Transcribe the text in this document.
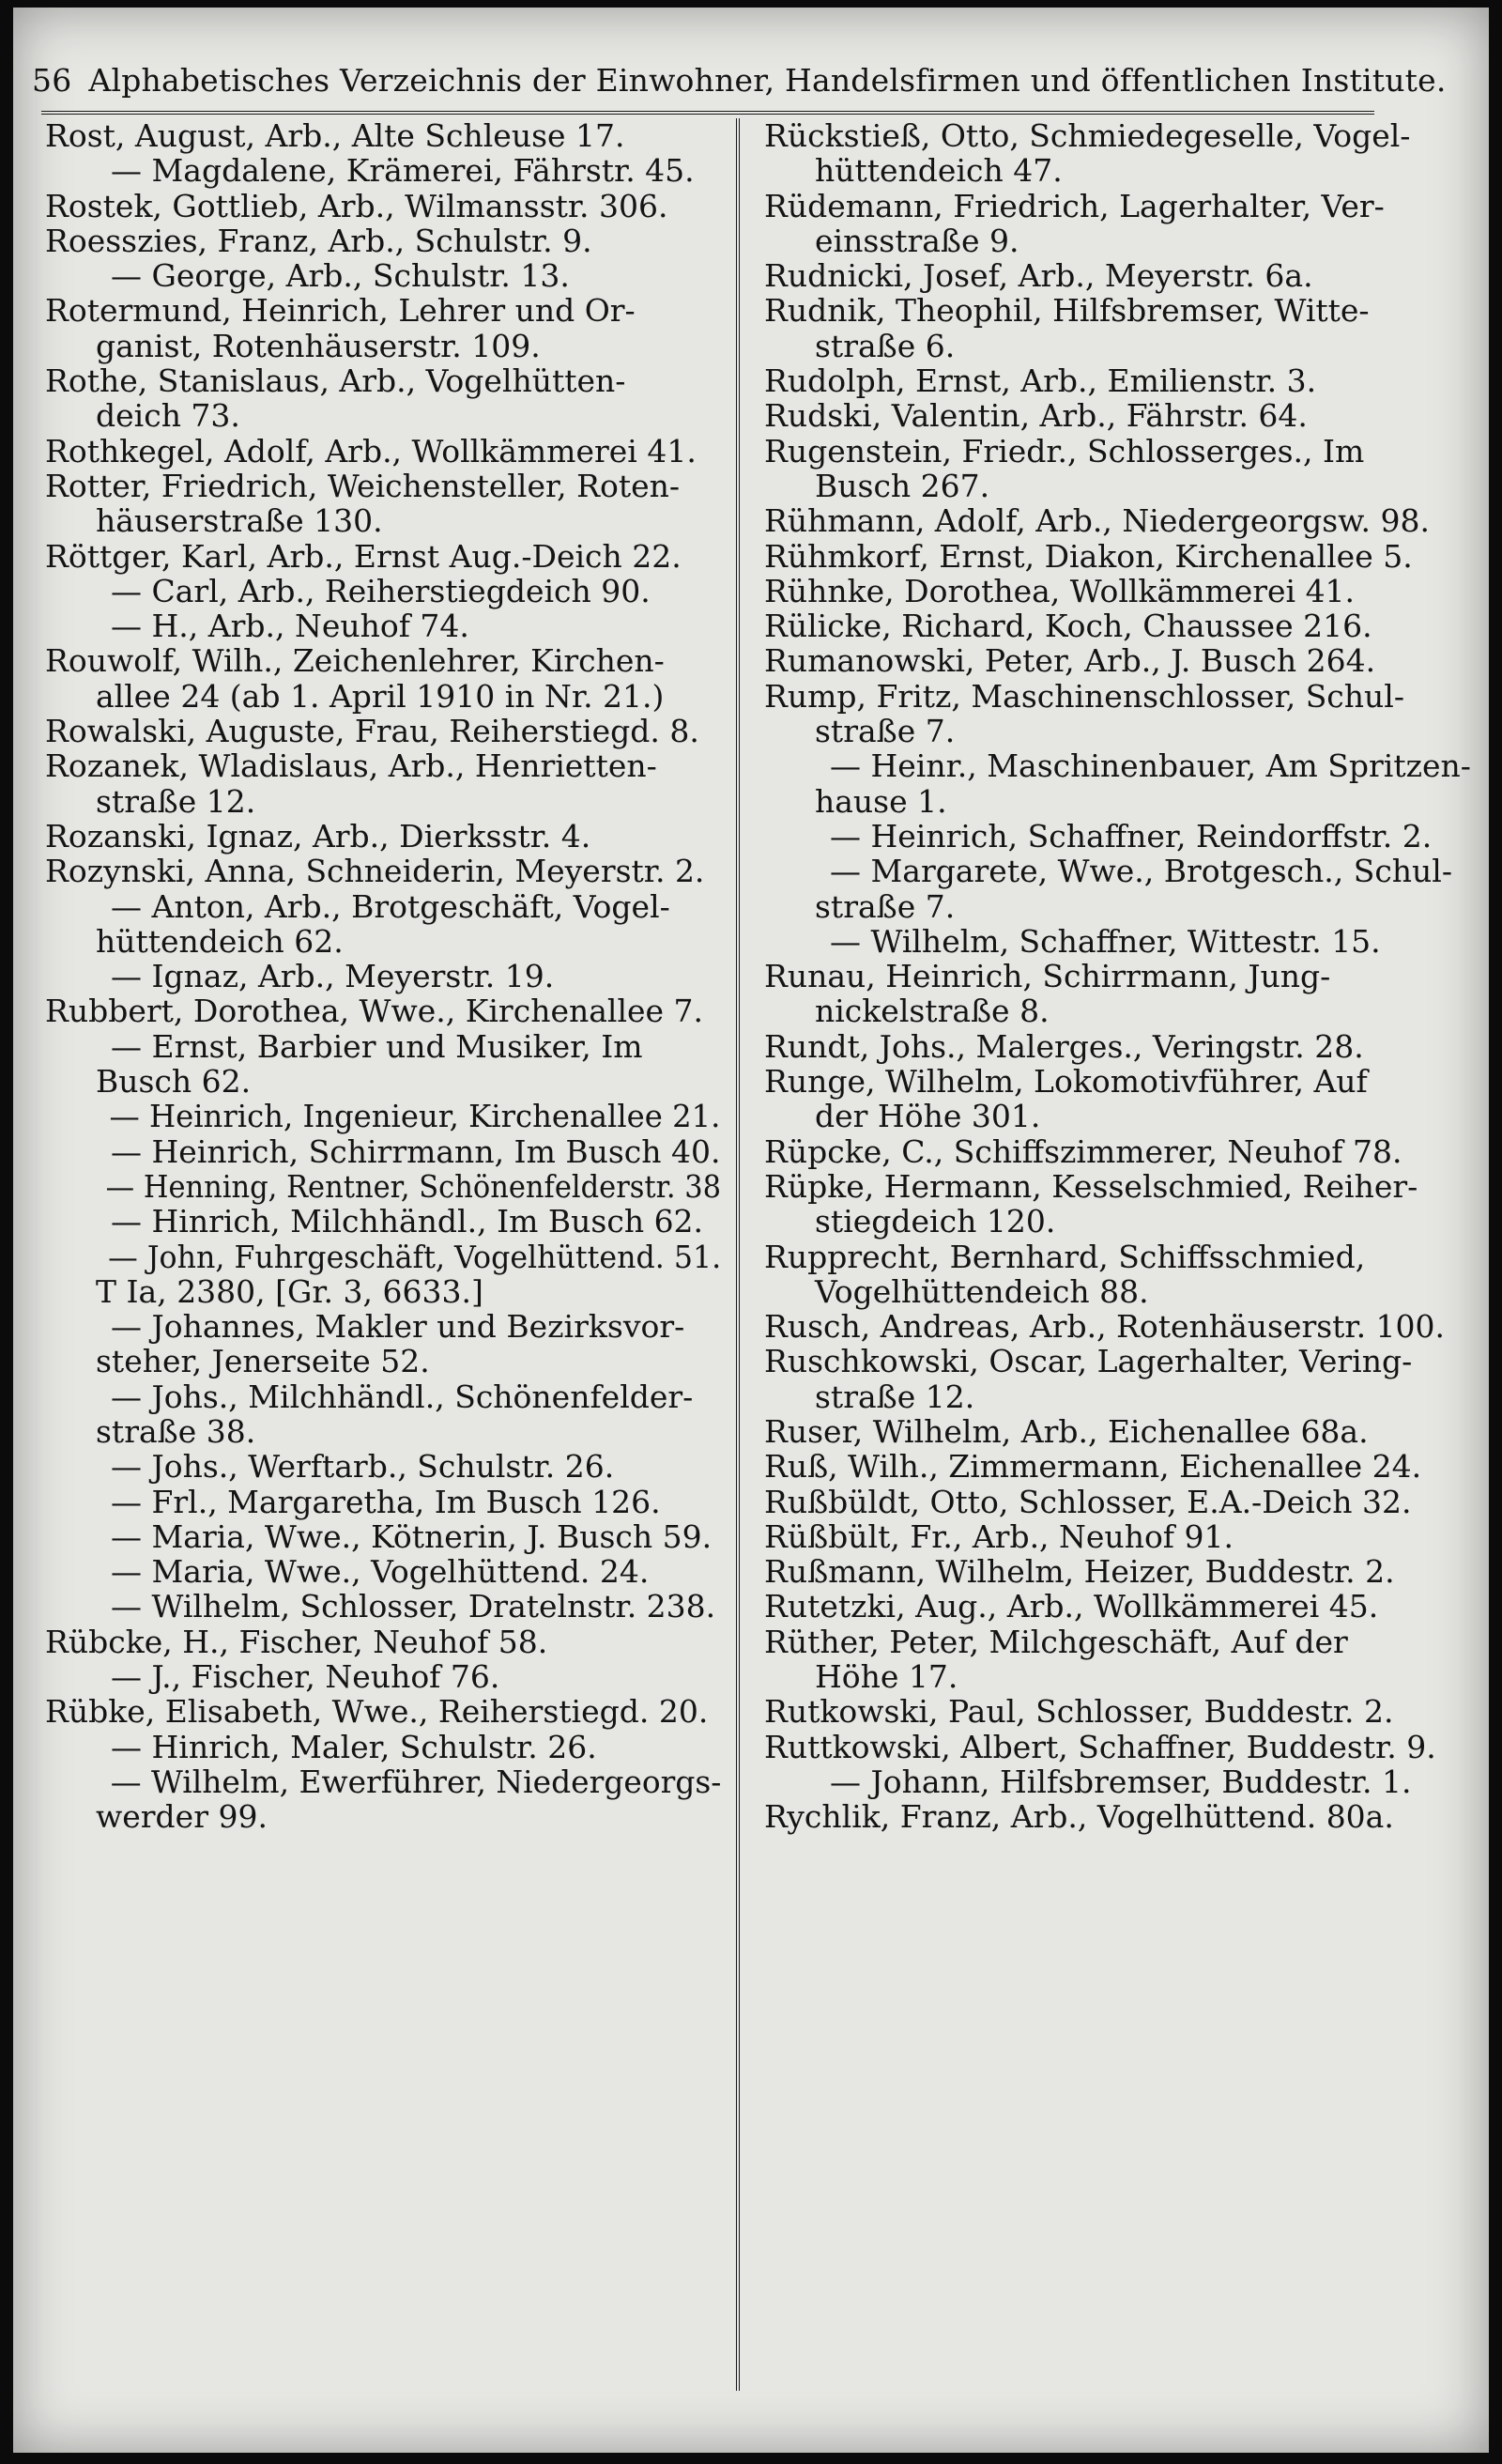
56 Alphabetisches Verzeichnis der Einwohner, Handelsfirmen und öffentlichen Institute.
Rost, August, Arb., Alte Schleuse 17.
— Magdalene, Krämerei, Fährstr. 45.
Rostek, Gottlieb, Arb., Wilmansstr. 306.
Roesszies, Franz, Arb., Schulstr. 9.
— George, Arb., Schulstr. 13.
Rotermund, Heinrich, Lehrer und Or-
ganist, Rotenhäuserstr. 109.
Rothe, Stanislaus, Arb., Vogelhütten-
deich 73.
Rothkegel, Adolf, Arb., Wollkämmerei 41.
Rotter, Friedrich, Weichensteller, Roten-
häuserstraße 130.
Röttger, Karl, Arb., Ernst Aug.-Deich 22.
— Carl, Arb., Reiherstiegdeich 90.
— H., Arb., Neuhof 74.
Rouwolf, Wilh., Zeichenlehrer, Kirchen-
allee 24 (ab 1. April 1910 in Nr. 21.)
Rowalski, Auguste, Frau, Reiherstiegd. 8.
Rozanek, Wladislaus, Arb., Henrietten-
straße 12.
Rozanski, Ignaz, Arb., Dierksstr. 4.
Rozynski, Anna, Schneiderin, Meyerstr. 2.
— Anton, Arb., Brotgeschäft, Vogel-
hüttendeich 62.
— Ignaz, Arb., Meyerstr. 19.
Rubbert, Dorothea, Wwe., Kirchenallee 7.
— Ernst, Barbier und Musiker, Im
Busch 62.
— Heinrich, Ingenieur, Kirchenallee 21.
— Heinrich, Schirrmann, Im Busch 40.
— Henning, Rentner, Schönenfelderstr. 38
— Hinrich, Milchhändl., Im Busch 62.
— John, Fuhrgeschäft, Vogelhüttend. 51.
T Ia, 2380, [Gr. 3, 6633.]
— Johannes, Makler und Bezirksvor-
steher, Jenerseite 52.
— Johs., Milchhändl., Schönenfelder-
straße 38.
— Johs., Werftarb., Schulstr. 26.
— Frl., Margaretha, Im Busch 126.
— Maria, Wwe., Kötnerin, J. Busch 59.
— Maria, Wwe., Vogelhüttend. 24.
— Wilhelm, Schlosser, Dratelnstr. 238.
Rübcke, H., Fischer, Neuhof 58.
— J., Fischer, Neuhof 76.
Rübke, Elisabeth, Wwe., Reiherstiegd. 20.
— Hinrich, Maler, Schulstr. 26.
— Wilhelm, Ewerführer, Niedergeorgs-
werder 99.
Rückstieß, Otto, Schmiedegeselle, Vogel-
hüttendeich 47.
Rüdemann, Friedrich, Lagerhalter, Ver-
einsstraße 9.
Rudnicki, Josef, Arb., Meyerstr. 6a.
Rudnik, Theophil, Hilfsbremser, Witte-
straße 6.
Rudolph, Ernst, Arb., Emilienstr. 3.
Rudski, Valentin, Arb., Fährstr. 64.
Rugenstein, Friedr., Schlosserges., Im
Busch 267.
Rühmann, Adolf, Arb., Niedergeorgsw. 98.
Rühmkorf, Ernst, Diakon, Kirchenallee 5.
Rühnke, Dorothea, Wollkämmerei 41.
Rülicke, Richard, Koch, Chaussee 216.
Rumanowski, Peter, Arb., J. Busch 264.
Rump, Fritz, Maschinenschlosser, Schul-
straße 7.
— Heinr., Maschinenbauer, Am Spritzen-
hause 1.
— Heinrich, Schaffner, Reindorffstr. 2.
— Margarete, Wwe., Brotgesch., Schul-
straße 7.
— Wilhelm, Schaffner, Wittestr. 15.
Runau, Heinrich, Schirrmann, Jung-
nickelstraße 8.
Rundt, Johs., Malerges., Veringstr. 28.
Runge, Wilhelm, Lokomotivführer, Auf
der Höhe 301.
Rüpcke, C., Schiffszimmerer, Neuhof 78.
Rüpke, Hermann, Kesselschmied, Reiher-
stiegdeich 120.
Rupprecht, Bernhard, Schiffsschmied,
Vogelhüttendeich 88.
Rusch, Andreas, Arb., Rotenhäuserstr. 100.
Ruschkowski, Oscar, Lagerhalter, Vering-
straße 12.
Ruser, Wilhelm, Arb., Eichenallee 68a.
Ruß, Wilh., Zimmermann, Eichenallee 24.
Rußbüldt, Otto, Schlosser, E.A.-Deich 32.
Rüßbült, Fr., Arb., Neuhof 91.
Rußmann, Wilhelm, Heizer, Buddestr. 2.
Rutetzki, Aug., Arb., Wollkämmerei 45.
Rüther, Peter, Milchgeschäft, Auf der
Höhe 17.
Rutkowski, Paul, Schlosser, Buddestr. 2.
Ruttkowski, Albert, Schaffner, Buddestr. 9.
— Johann, Hilfsbremser, Buddestr. 1.
Rychlik, Franz, Arb., Vogelhüttend. 80a.
